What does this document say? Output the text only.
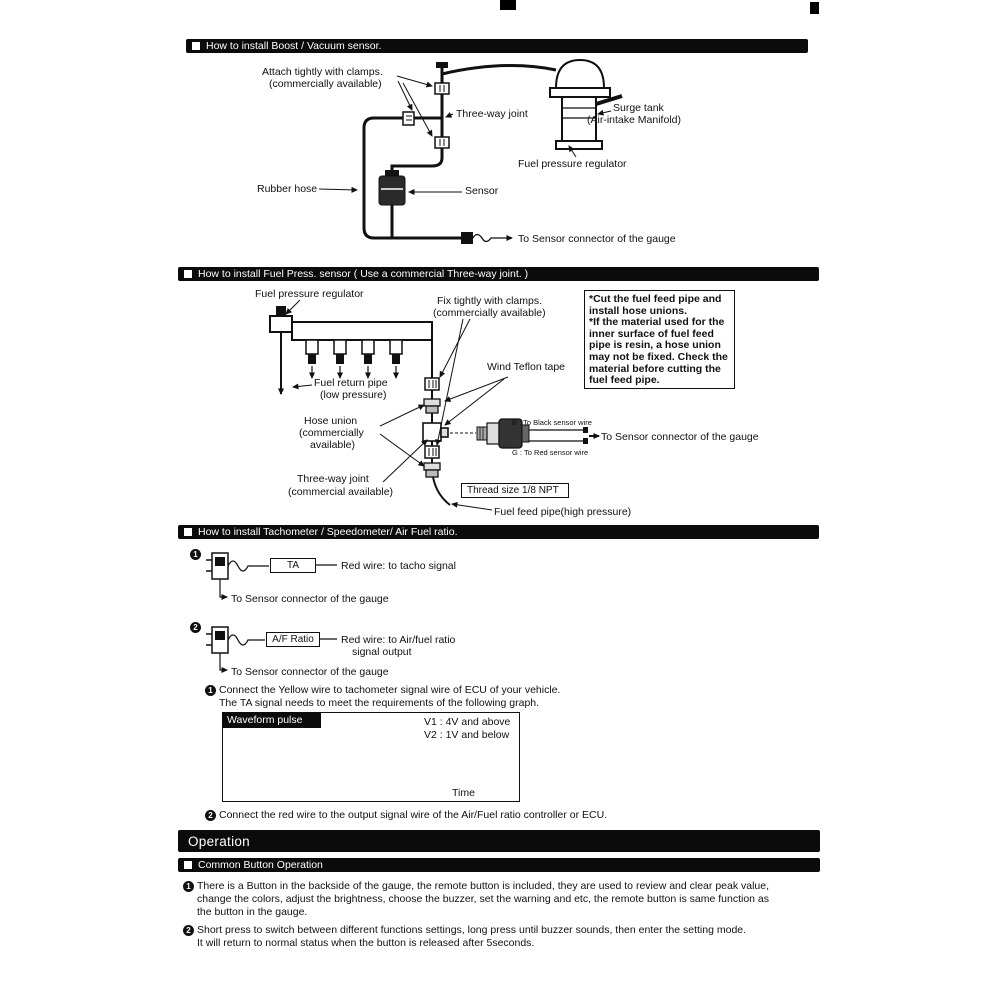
B : To Black sensor wire
G : To Red sensor wire
How to install Boost / Vacuum sensor.
How to install Fuel Press. sensor ( Use a commercial Three-way joint. )
How to install Tachometer / Speedometer/ Air Fuel ratio.
Operation
Common Button Operation
Attach tightly with clamps.
(commercially available)
Three-way joint	Surge tank
(Air-intake Manifold)
Fuel pressure regulator
Rubber hose	Sensor
To Sensor connector of the gauge
Fuel pressure regulator
Fix tightly with clamps.
(commercially available)
Wind Teflon tape
Fuel return pipe
(low pressure)
Hose union
(commercially
available)
Three-way joint
(commercial available)
To Sensor connector of the gauge
Fuel feed pipe(high pressure)
Thread size 1/8 NPT
*Cut the fuel feed pipe and
install hose unions.
*If the material used for the
inner surface of fuel feed
pipe is resin, a hose union
may not be fixed. Check the
material before cutting the
fuel feed pipe.
1
TA	Red wire: to tacho signal
To Sensor connector of the gauge
2
A/F Ratio	Red wire: to Air/fuel ratio
signal output
To Sensor connector of the gauge
1 Connect the Yellow wire to tachometer signal wire of ECU of your vehicle.
The TA signal needs to meet the requirements of the following graph.
Waveform pulse	V1 : 4V and above
V2 : 1V and below
Time
2 Connect the red wire to the output signal wire of the Air/Fuel ratio controller or ECU.
1 There is a Button in the backside of the gauge, the remote button is included, they are used to review and clear peak value,
change the colors, adjust the brightness, choose the buzzer, set the warning and etc, the remote button is same function as
the button in the gauge.
2 Short press to switch between different functions settings, long press until buzzer sounds, then enter the setting mode.
It will return to normal status when the button is released after 5seconds.
